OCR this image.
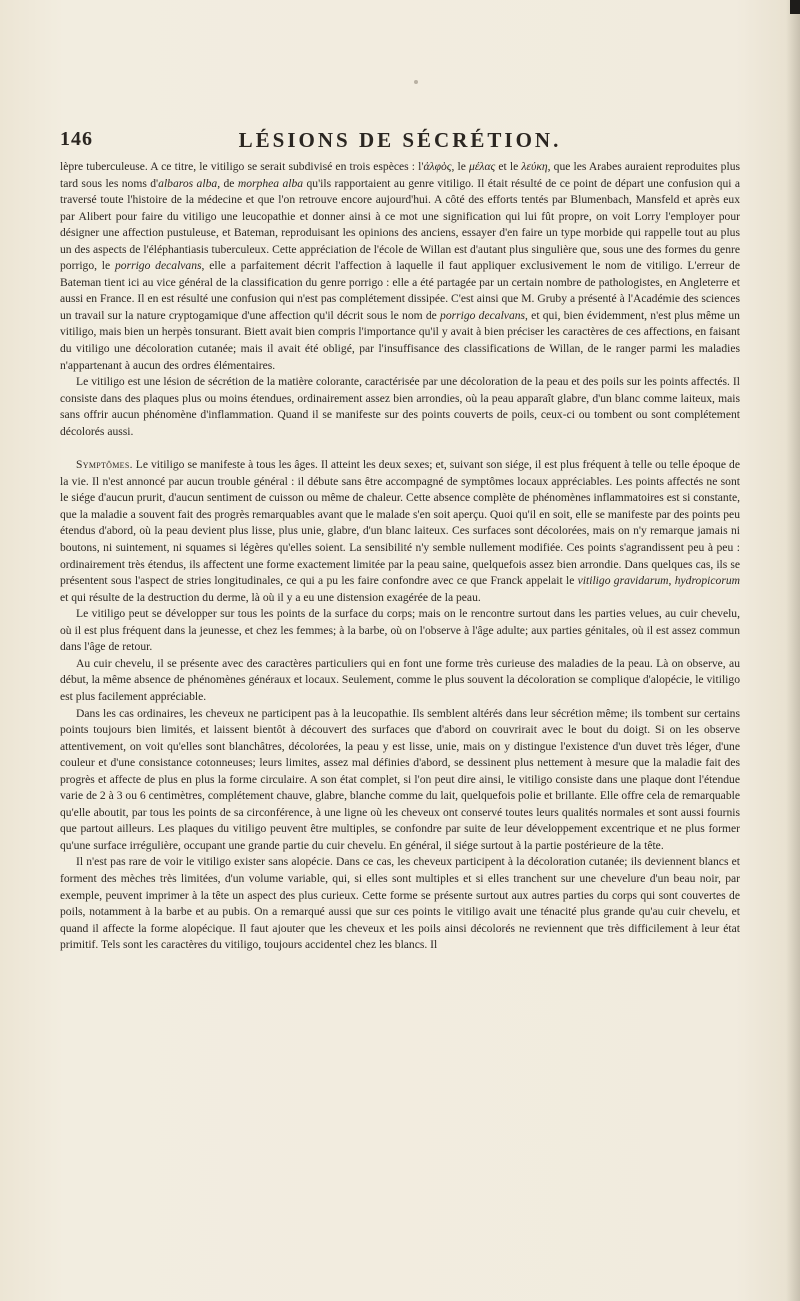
146	LÉSIONS DE SÉCRÉTION.

lèpre tuberculeuse. A ce titre, le vitiligo se serait subdivisé en trois espèces : l'ἀλφὸς, le μέλας et le λεύκη, que les Arabes auraient reproduites plus tard sous les noms d'albaros alba, de morphea alba qu'ils rapportaient au genre vitiligo. Il était résulté de ce point de départ une confusion qui a traversé toute l'histoire de la médecine et que l'on retrouve encore aujourd'hui. A côté des efforts tentés par Blumenbach, Mansfeld et après eux par Alibert pour faire du vitiligo une leucopathie et donner ainsi à ce mot une signification qui lui fût propre, on voit Lorry l'employer pour désigner une affection pustuleuse, et Bateman, reproduisant les opinions des anciens, essayer d'en faire un type morbide qui rappelle tout au plus un des aspects de l'éléphantiasis tuberculeux. Cette appréciation de l'école de Willan est d'autant plus singulière que, sous une des formes du genre porrigo, le porrigo decalvans, elle a parfaitement décrit l'affection à laquelle il faut appliquer exclusivement le nom de vitiligo. L'erreur de Bateman tient ici au vice général de la classification du genre porrigo : elle a été partagée par un certain nombre de pathologistes, en Angleterre et aussi en France. Il en est résulté une confusion qui n'est pas complétement dissipée. C'est ainsi que M. Gruby a présenté à l'Académie des sciences un travail sur la nature cryptogamique d'une affection qu'il décrit sous le nom de porrigo decalvans, et qui, bien évidemment, n'est plus même un vitiligo, mais bien un herpès tonsurant. Biett avait bien compris l'importance qu'il y avait à bien préciser les caractères de ces affections, en faisant du vitiligo une décoloration cutanée; mais il avait été obligé, par l'insuffisance des classifications de Willan, de le ranger parmi les maladies n'appartenant à aucun des ordres élémentaires.

Le vitiligo est une lésion de sécrétion de la matière colorante, caractérisée par une décoloration de la peau et des poils sur les points affectés. Il consiste dans des plaques plus ou moins étendues, ordinairement assez bien arrondies, où la peau apparaît glabre, d'un blanc comme laiteux, mais sans offrir aucun phénomène d'inflammation. Quand il se manifeste sur des points couverts de poils, ceux-ci ou tombent ou sont complétement décolorés aussi.

Symptômes. Le vitiligo se manifeste à tous les âges. Il atteint les deux sexes; et, suivant son siége, il est plus fréquent à telle ou telle époque de la vie. Il n'est annoncé par aucun trouble général : il débute sans être accompagné de symptômes locaux appréciables. Les points affectés ne sont le siége d'aucun prurit, d'aucun sentiment de cuisson ou même de chaleur. Cette absence complète de phénomènes inflammatoires est si constante, que la maladie a souvent fait des progrès remarquables avant que le malade s'en soit aperçu. Quoi qu'il en soit, elle se manifeste par des points peu étendus d'abord, où la peau devient plus lisse, plus unie, glabre, d'un blanc laiteux. Ces surfaces sont décolorées, mais on n'y remarque jamais ni boutons, ni suintement, ni squames si légères qu'elles soient. La sensibilité n'y semble nullement modifiée. Ces points s'agrandissent peu à peu : ordinairement très étendus, ils affectent une forme exactement limitée par la peau saine, quelquefois assez bien arrondie. Dans quelques cas, ils se présentent sous l'aspect de stries longitudinales, ce qui a pu les faire confondre avec ce que Franck appelait le vitiligo gravidarum, hydropicorum et qui résulte de la destruction du derme, là où il y a eu une distension exagérée de la peau.

Le vitiligo peut se développer sur tous les points de la surface du corps; mais on le rencontre surtout dans les parties velues, au cuir chevelu, où il est plus fréquent dans la jeunesse, et chez les femmes; à la barbe, où on l'observe à l'âge adulte; aux parties génitales, où il est assez commun dans l'âge de retour.

Au cuir chevelu, il se présente avec des caractères particuliers qui en font une forme très curieuse des maladies de la peau. Là on observe, au début, la même absence de phénomènes généraux et locaux. Seulement, comme le plus souvent la décoloration se complique d'alopécie, le vitiligo est plus facilement appréciable.

Dans les cas ordinaires, les cheveux ne participent pas à la leucopathie. Ils semblent altérés dans leur sécrétion même; ils tombent sur certains points toujours bien limités, et laissent bientôt à découvert des surfaces que d'abord on couvrirait avec le bout du doigt. Si on les observe attentivement, on voit qu'elles sont blanchâtres, décolorées, la peau y est lisse, unie, mais on y distingue l'existence d'un duvet très léger, d'une couleur et d'une consistance cotonneuses; leurs limites, assez mal définies d'abord, se dessinent plus nettement à mesure que la maladie fait des progrès et affecte de plus en plus la forme circulaire. A son état complet, si l'on peut dire ainsi, le vitiligo consiste dans une plaque dont l'étendue varie de 2 à 3 ou 6 centimètres, complétement chauve, glabre, blanche comme du lait, quelquefois polie et brillante. Elle offre cela de remarquable qu'elle aboutit, par tous les points de sa circonférence, à une ligne où les cheveux ont conservé toutes leurs qualités normales et sont aussi fournis que partout ailleurs. Les plaques du vitiligo peuvent être multiples, se confondre par suite de leur développement excentrique et ne plus former qu'une surface irrégulière, occupant une grande partie du cuir chevelu. En général, il siége surtout à la partie postérieure de la tête.

Il n'est pas rare de voir le vitiligo exister sans alopécie. Dans ce cas, les cheveux participent à la décoloration cutanée; ils deviennent blancs et forment des mèches très limitées, d'un volume variable, qui, si elles sont multiples et si elles tranchent sur une chevelure d'un beau noir, par exemple, peuvent imprimer à la tête un aspect des plus curieux. Cette forme se présente surtout aux autres parties du corps qui sont couvertes de poils, notamment à la barbe et au pubis. On a remarqué aussi que sur ces points le vitiligo avait une ténacité plus grande qu'au cuir chevelu, et quand il affecte la forme alopécique. Il faut ajouter que les cheveux et les poils ainsi décolorés ne reviennent que très difficilement à leur état primitif. Tels sont les caractères du vitiligo, toujours accidentel chez les blancs. Il
